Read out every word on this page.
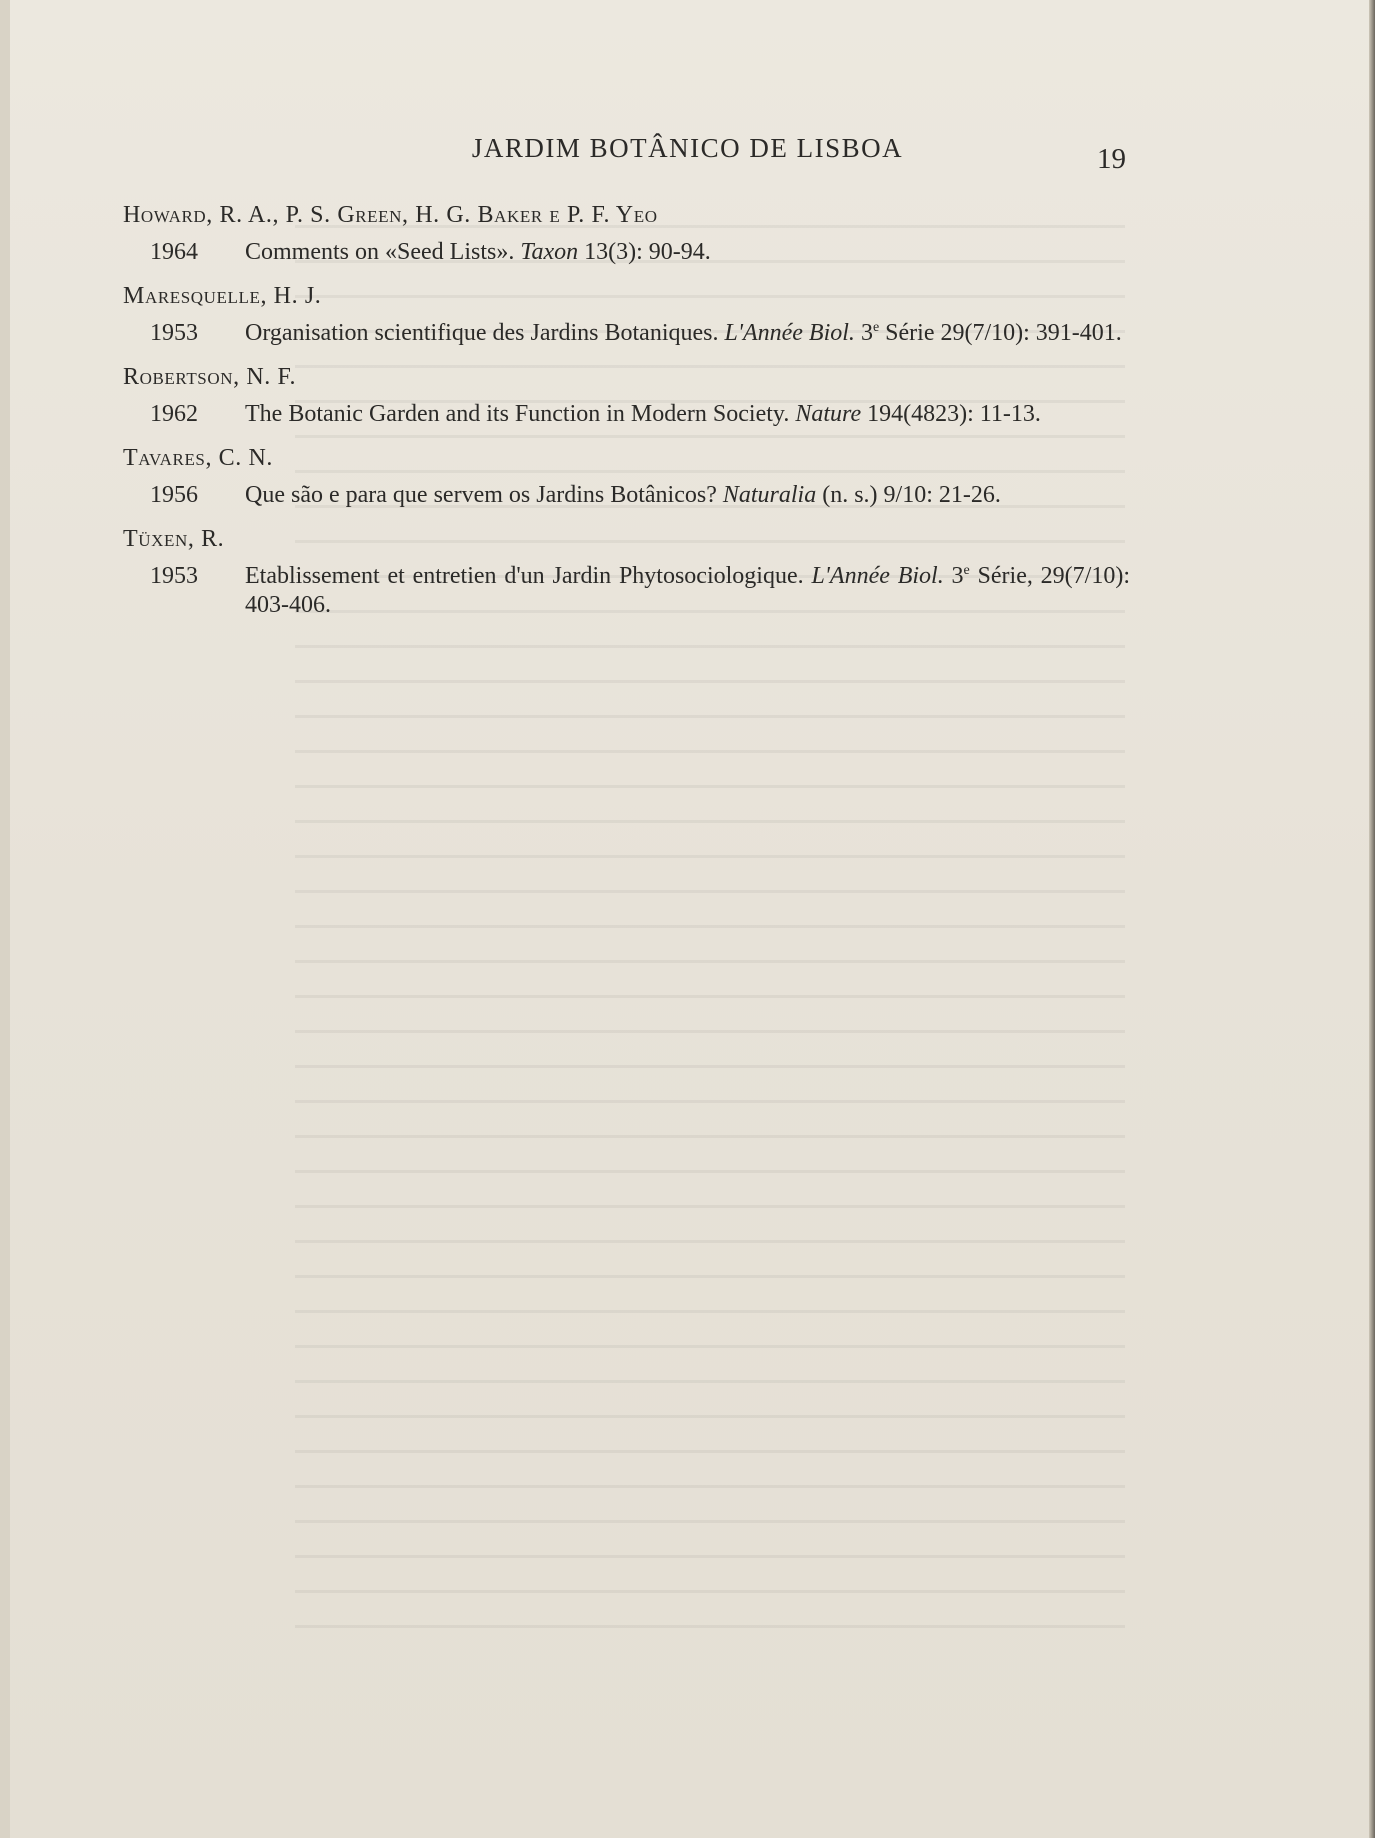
JARDIM BOTÂNICO DE LISBOA	19
Howard, R. A., P. S. Green, H. G. Baker e P. F. Yeo
1964 Comments on «Seed Lists». Taxon 13(3): 90-94.
Maresquelle, H. J.
1953 Organisation scientifique des Jardins Botaniques. L'Année Biol. 3e Série 29(7/10): 391-401.
Robertson, N. F.
1962 The Botanic Garden and its Function in Modern Society. Nature 194(4823): 11-13.
Tavares, C. N.
1956 Que são e para que servem os Jardins Botânicos? Naturalia (n. s.) 9/10: 21-26.
Tüxen, R.
1953 Etablissement et entretien d'un Jardin Phytosociologique. L'Année Biol. 3e Série, 29(7/10): 403-406.
